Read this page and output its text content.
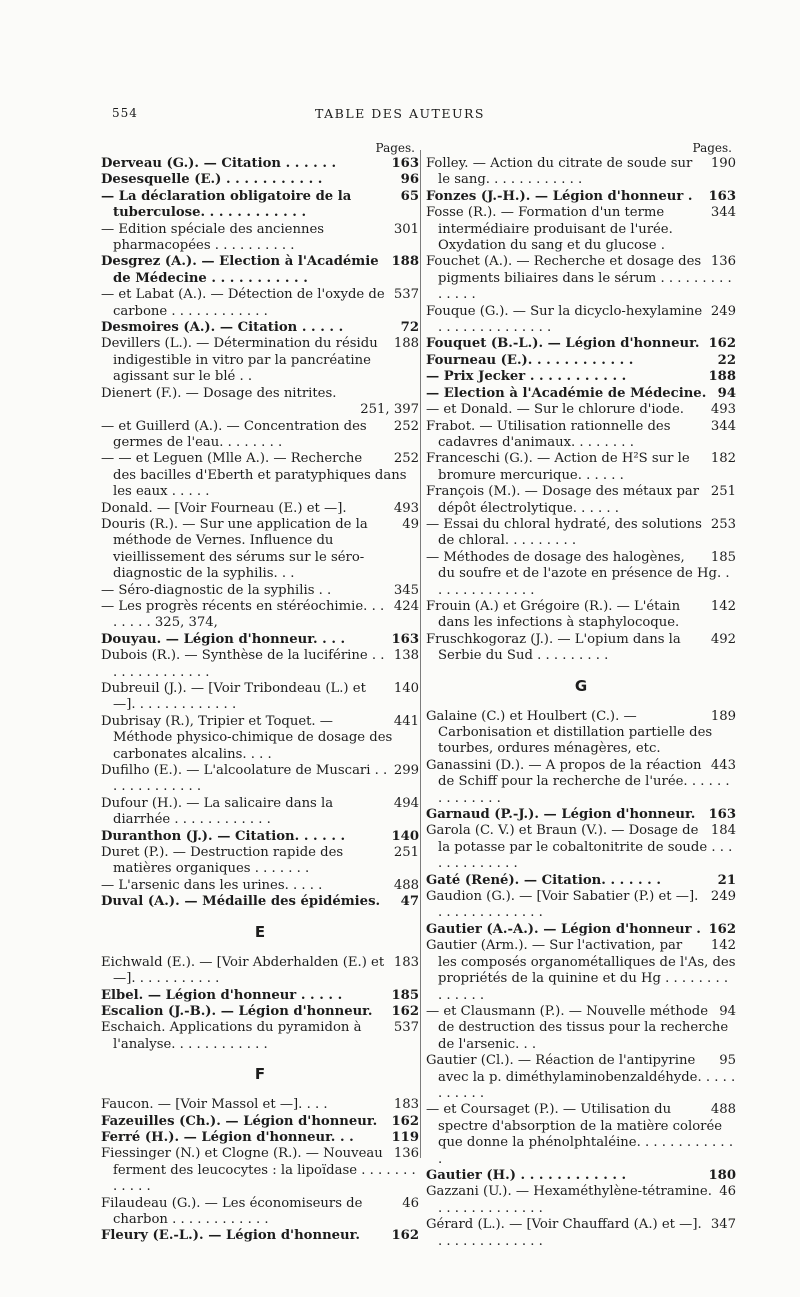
554	TABLE DES AUTEURS
Pages.

163
Derveau (G.). — Citation . . . . . .

96
Desesquelle (E.) . . . . . . . . . . .

65
— La déclaration obligatoire de la tuberculose. . . . . . . . . . . .

301
— Edition spéciale des anciennes pharmacopées . . . . . . . . . .

188
Desgrez (A.). — Election à l'Académie de Médecine . . . . . . . . . . .

537
— et Labat (A.). — Détection de l'oxyde de carbone . . . . . . . . . . . .

72
Desmoires (A.). — Citation . . . . .

188
Devillers (L.). — Détermination du résidu indigestible in vitro par la pancréatine agissant sur le blé . .

Dienert (F.). — Dosage des nitrites.

251, 397

252
— et Guillerd (A.). — Concentration des germes de l'eau. . . . . . . .

252
— — et Leguen (Mlle A.). — Recherche des bacilles d'Eberth et paratyphiques dans les eaux . . . . .

493
Donald. — [Voir Fourneau (E.) et —].

49
Douris (R.). — Sur une application de la méthode de Vernes. Influence du vieillissement des sérums sur le séro-diagnostic de la syphilis. . .

345
— Séro-diagnostic de la syphilis . .

424
— Les progrès récents en stéréochimie. . . . . . . . 325, 374,

163
Douyau. — Légion d'honneur. . . .

138
Dubois (R.). — Synthèse de la luciférine . . . . . . . . . . . . . .

140
Dubreuil (J.). — [Voir Tribondeau (L.) et —]. . . . . . . . . . . . .

441
Dubrisay (R.), Tripier et Toquet. — Méthode physico-chimique de dosage des carbonates alcalins. . . .

299
Dufilho (E.). — L'alcoolature de Muscari . . . . . . . . . . . . .

494
Dufour (H.). — La salicaire dans la diarrhée . . . . . . . . . . . .

140
Duranthon (J.). — Citation. . . . . .

251
Duret (P.). — Destruction rapide des matières organiques . . . . . . .

488
— L'arsenic dans les urines. . . . .

47
Duval (A.). — Médaille des épidémies.

E

183
Eichwald (E.). — [Voir Abderhalden (E.) et —]. . . . . . . . . . .

185
Elbel. — Légion d'honneur . . . . .

162
Escalion (J.-B.). — Légion d'honneur.

537
Eschaich. Applications du pyramidon à l'analyse. . . . . . . . . . . .

F

183
Faucon. — [Voir Massol et —]. . . .

162
Fazeuilles (Ch.). — Légion d'honneur.

119
Ferré (H.). — Légion d'honneur. . .

136
Fiessinger (N.) et Clogne (R.). — Nouveau ferment des leucocytes : la lipoïdase . . . . . . . . . . . .

46
Filaudeau (G.). — Les économiseurs de charbon . . . . . . . . . . . .

162
Fleury (E.-L.). — Légion d'honneur.

Pages.

190
Folley. — Action du citrate de soude sur le sang. . . . . . . . . . . .

163
Fonzes (J.-H.). — Légion d'honneur .

344
Fosse (R.). — Formation d'un terme intermédiaire produisant de l'urée. Oxydation du sang et du glucose .

136
Fouchet (A.). — Recherche et dosage des pigments biliaires dans le sérum . . . . . . . . . . . . . .

249
Fouque (G.). — Sur la dicyclo-hexylamine . . . . . . . . . . . . . .

162
Fouquet (B.-L.). — Légion d'honneur.

22
Fourneau (E.). . . . . . . . . . . .

188
— Prix Jecker . . . . . . . . . . .

94
— Election à l'Académie de Médecine.

493
— et Donald. — Sur le chlorure d'iode.

344
Frabot. — Utilisation rationnelle des cadavres d'animaux. . . . . . . .

182
Franceschi (G.). — Action de H²S sur le bromure mercurique. . . . . .

251
François (M.). — Dosage des métaux par dépôt électrolytique. . . . . .

253
— Essai du chloral hydraté, des solutions de chloral. . . . . . . . .

185
— Méthodes de dosage des halogènes, du soufre et de l'azote en présence de Hg. . . . . . . . . . . . . .

142
Frouin (A.) et Grégoire (R.). — L'étain dans les infections à staphylocoque.

492
Fruschkogorаz (J.). — L'opium dans la Serbie du Sud . . . . . . . . .

G

189
Galaine (C.) et Houlbert (C.). — Carbonisation et distillation partielle des tourbes, ordures ménagères, etc.

443
Ganassini (D.). — A propos de la réaction de Schiff pour la recherche de l'urée. . . . . . . . . . . . . .

163
Garnaud (P.-J.). — Légion d'honneur.

184
Garola (C. V.) et Braun (V.). — Dosage de la potasse par le cobaltonitrite de soude . . . . . . . . . . . . .

21
Gaté (René). — Citation. . . . . . .

249
Gaudion (G.). — [Voir Sabatier (P.) et —]. . . . . . . . . . . . . .

162
Gautier (A.-A.). — Légion d'honneur .

142
Gautier (Arm.). — Sur l'activation, par les composés organométalliques de l'As, des propriétés de la quinine et du Hg . . . . . . . . . . . . . .

94
— et Clausmann (P.). — Nouvelle méthode de destruction des tissus pour la recherche de l'arsenic. . .

95
Gautier (Cl.). — Réaction de l'antipyrine avec la p. diméthylaminobenzaldéhyde. . . . . . . . . . .

488
— et Coursaget (P.). — Utilisation du spectre d'absorption de la matière colorée que donne la phénolphtaléine. . . . . . . . . . . . .

180
Gautier (H.) . . . . . . . . . . . .

46
Gazzani (U.). — Hexaméthylène-tétramine. . . . . . . . . . . . . .

347
Gérard (L.). — [Voir Chauffard (A.) et —]. . . . . . . . . . . . . .
